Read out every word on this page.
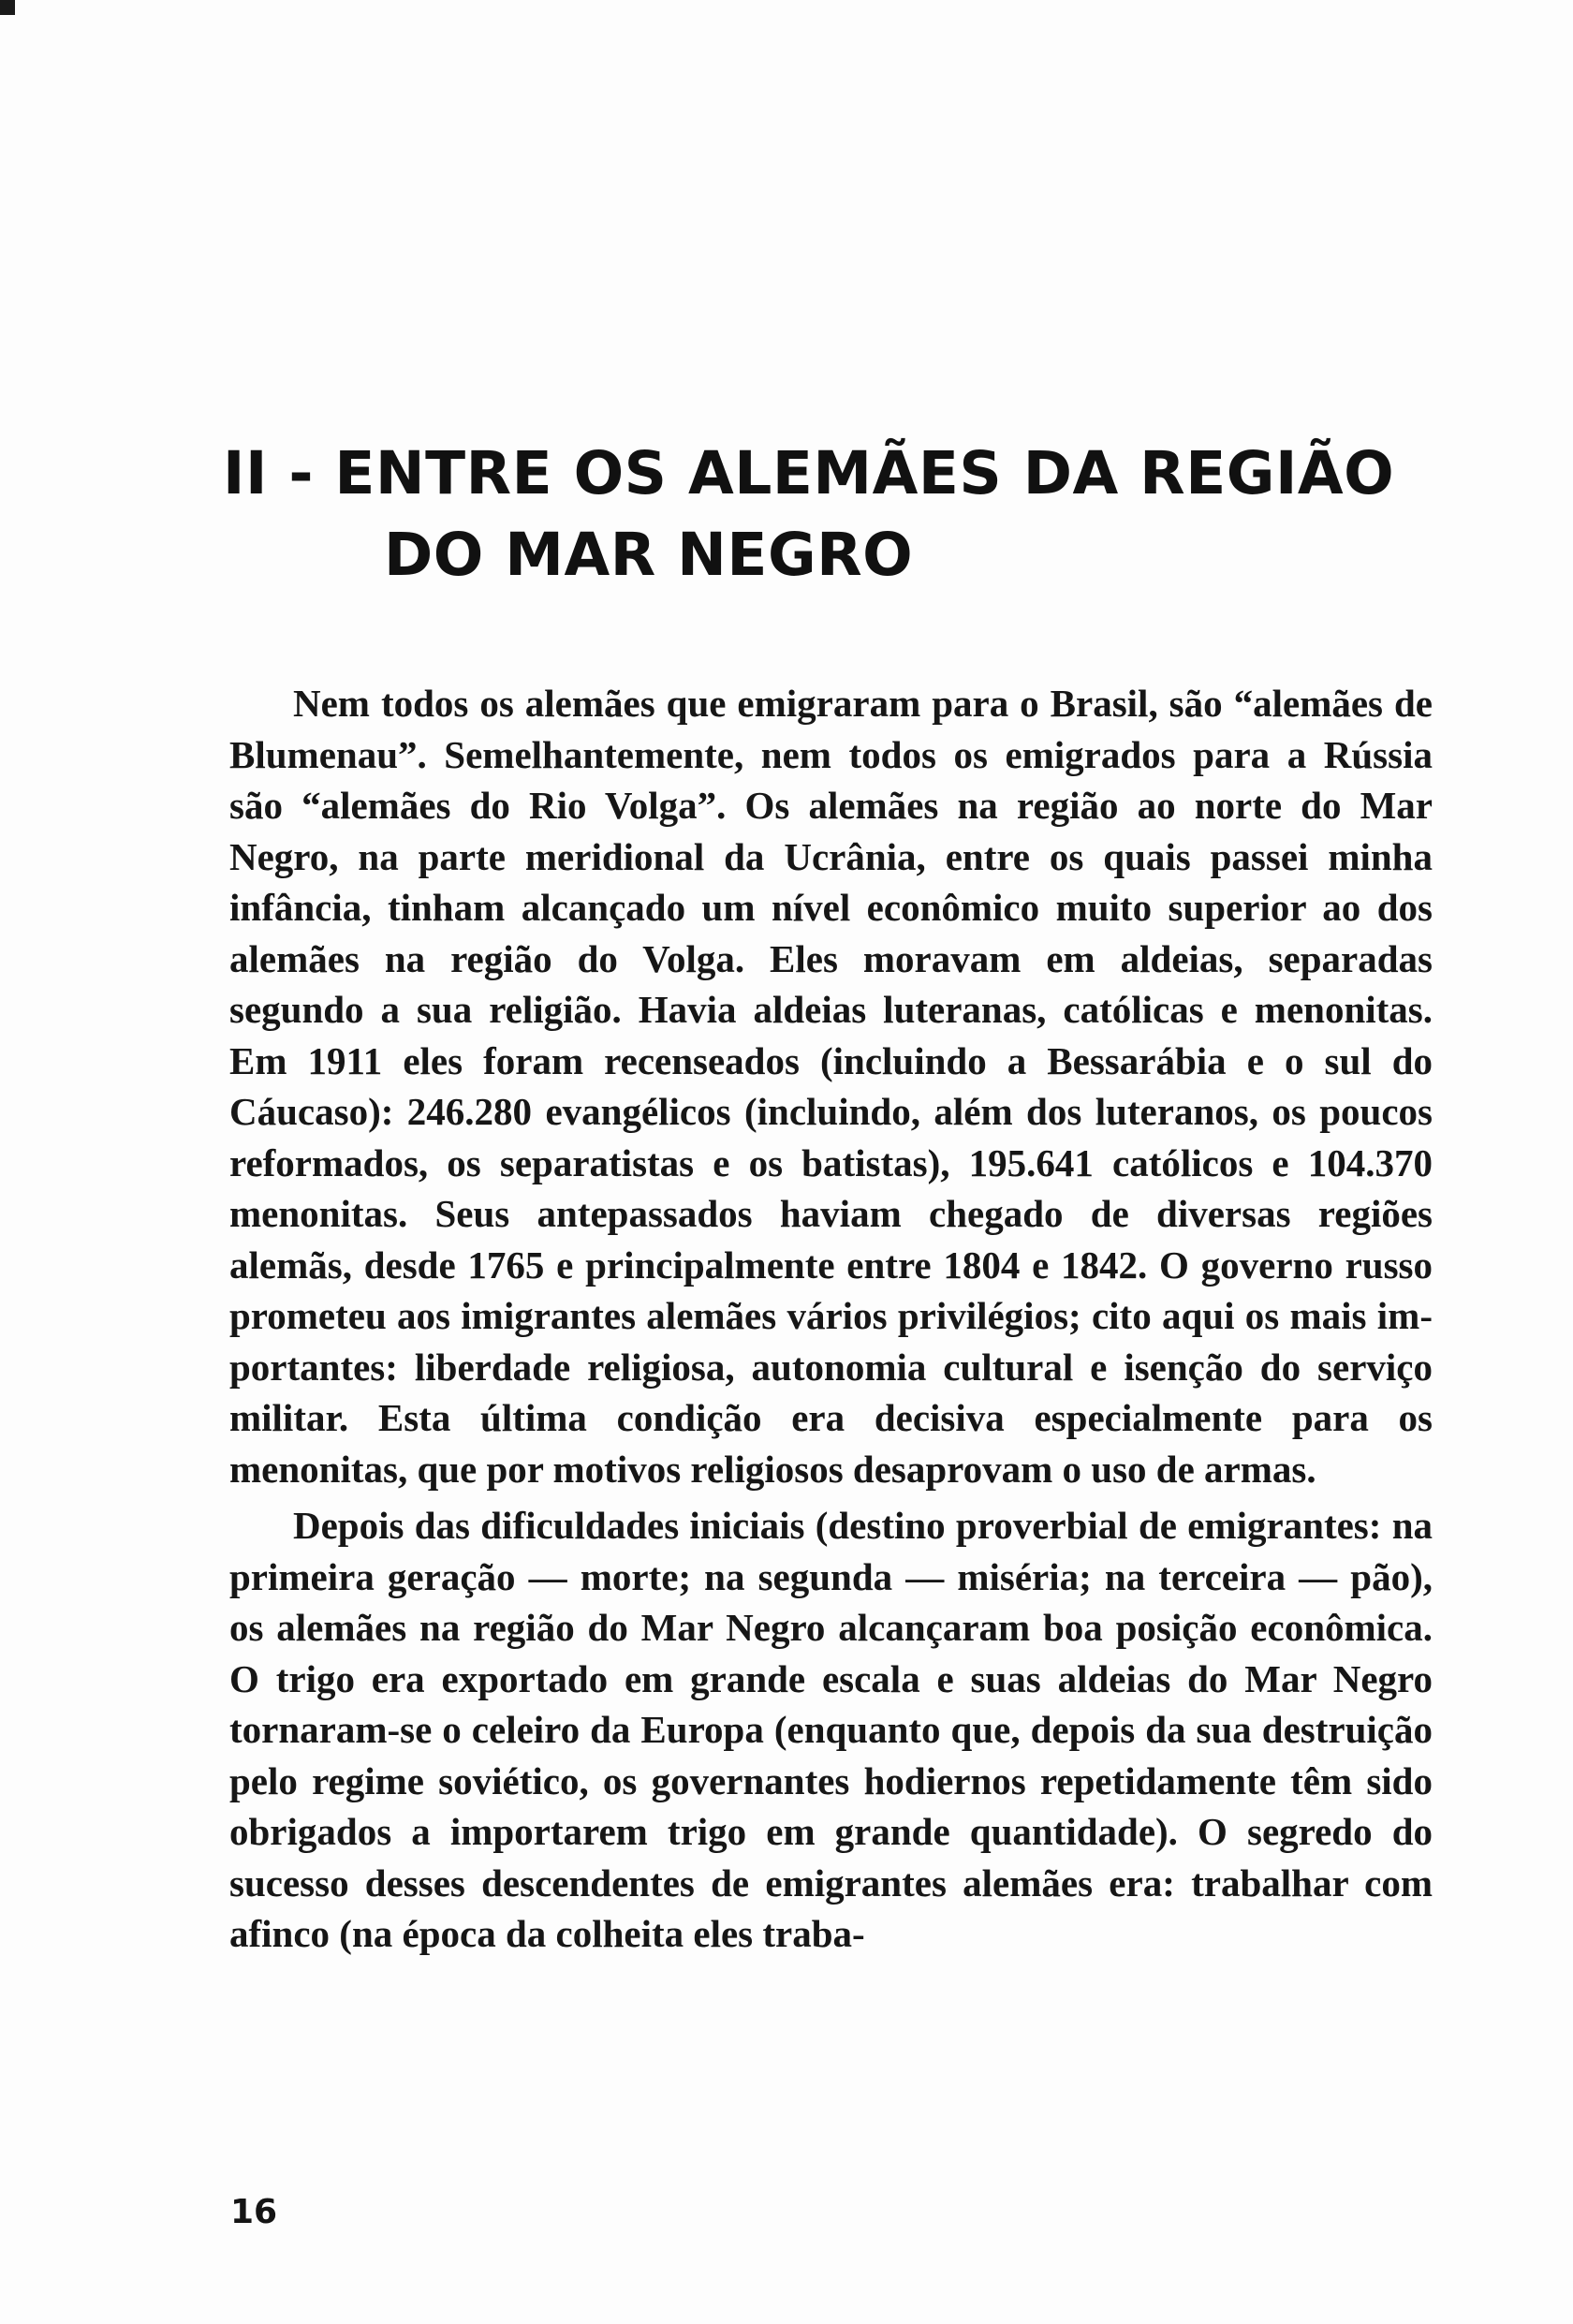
II - ENTRE OS ALEMÃES DA REGIÃO
DO MAR NEGRO

Nem todos os alemães que emigraram para o Brasil, são “alemães de Blumenau”. Semelhantemente, nem todos os emigrados para a Rússia são “alemães do Rio Volga”. Os alemães na região ao norte do Mar Negro, na parte meridional da Ucrânia, entre os quais passei minha infância, tinham alcançado um nível econômico muito superior ao dos alemães na região do Volga. Eles moravam em aldeias, separadas segundo a sua religião. Havia aldeias luteranas, católicas e menonitas. Em 1911 eles foram recenseados (incluindo a Bessarábia e o sul do Cáucaso): 246.280 evangélicos (incluindo, além dos luteranos, os poucos reformados, os separatistas e os batistas), 195.641 católicos e 104.370 menonitas. Seus antepassados haviam chegado de diversas regiões alemãs, desde 1765 e principalmente entre 1804 e 1842. O governo russo prometeu aos imigrantes alemães vários privilégios; cito aqui os mais importantes: liberdade religiosa, autonomia cultural e isenção do serviço militar. Esta última condição era decisiva especialmente para os menonitas, que por motivos religiosos desaprovam o uso de armas.

Depois das dificuldades iniciais (destino proverbial de emigrantes: na primeira geração — morte; na segunda — miséria; na terceira — pão), os alemães na região do Mar Negro alcançaram boa posição econômica. O trigo era exportado em grande escala e suas aldeias do Mar Negro tornaram-se o celeiro da Europa (enquanto que, depois da sua destruição pelo regime soviético, os governantes hodiernos repetidamente têm sido obrigados a importarem trigo em grande quantidade). O segredo do sucesso desses descendentes de emigrantes alemães era: trabalhar com afinco (na época da colheita eles traba-

16
